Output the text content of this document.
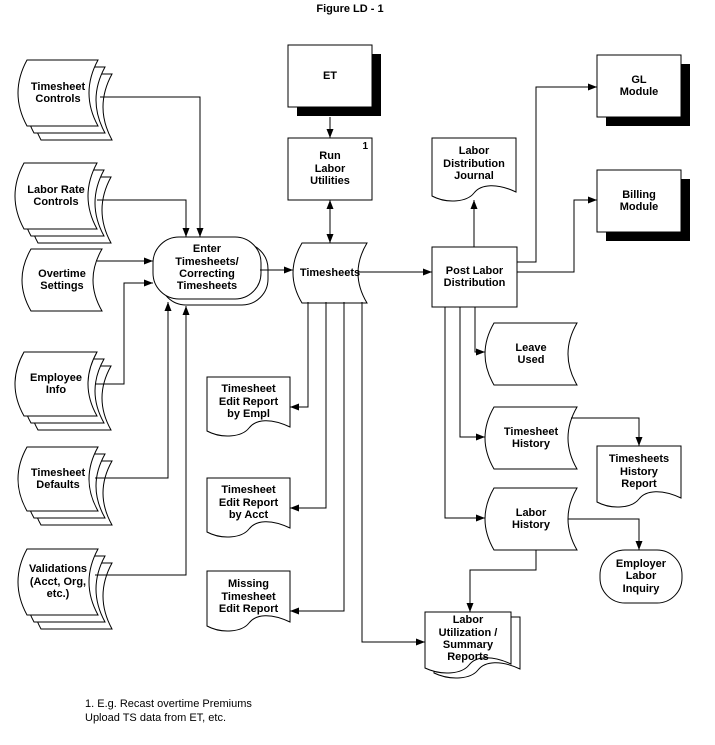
Figure LD - 1
Timesheet
Controls
Labor Rate
Controls
Overtime
Settings
Employee
Info
Timesheet
Defaults
Validations
(Acct, Org,
etc.)
Enter
Timesheets/
Correcting
Timesheets
ET
Run
Labor
Utilities
1
Timesheets
Labor
Distribution
Journal
Post Labor
Distribution
GL
Module
Billing
Module
Leave
Used
Timesheet
History
Labor
History
Timesheet
Edit Report
by Empl
Timesheet
Edit Report
by Acct
Missing
Timesheet
Edit Report
Labor
Utilization /
Summary
Reports
Timesheets
History
Report
Employer
Labor
Inquiry
1. E.g. Recast overtime Premiums
Upload TS data from ET, etc.
